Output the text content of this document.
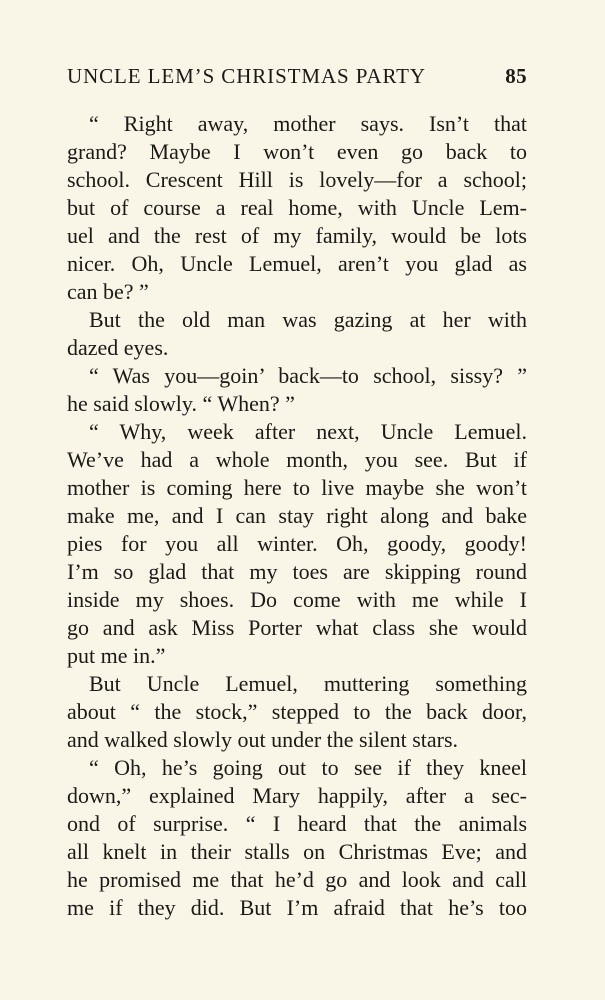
UNCLE LEM’S CHRISTMAS PARTY	85
“ Right away, mother says. Isn’t that
grand? Maybe I won’t even go back to
school. Crescent Hill is lovely—for a school;
but of course a real home, with Uncle Lem-
uel and the rest of my family, would be lots
nicer. Oh, Uncle Lemuel, aren’t you glad as
can be? ”
But the old man was gazing at her with
dazed eyes.
“ Was you—goin’ back—to school, sissy? ”
he said slowly. “ When? ”
“ Why, week after next, Uncle Lemuel.
We’ve had a whole month, you see. But if
mother is coming here to live maybe she won’t
make me, and I can stay right along and bake
pies for you all winter. Oh, goody, goody!
I’m so glad that my toes are skipping round
inside my shoes. Do come with me while I
go and ask Miss Porter what class she would
put me in.”
But Uncle Lemuel, muttering something
about “ the stock,” stepped to the back door,
and walked slowly out under the silent stars.
“ Oh, he’s going out to see if they kneel
down,” explained Mary happily, after a sec-
ond of surprise. “ I heard that the animals
all knelt in their stalls on Christmas Eve; and
he promised me that he’d go and look and call
me if they did. But I’m afraid that he’s too
